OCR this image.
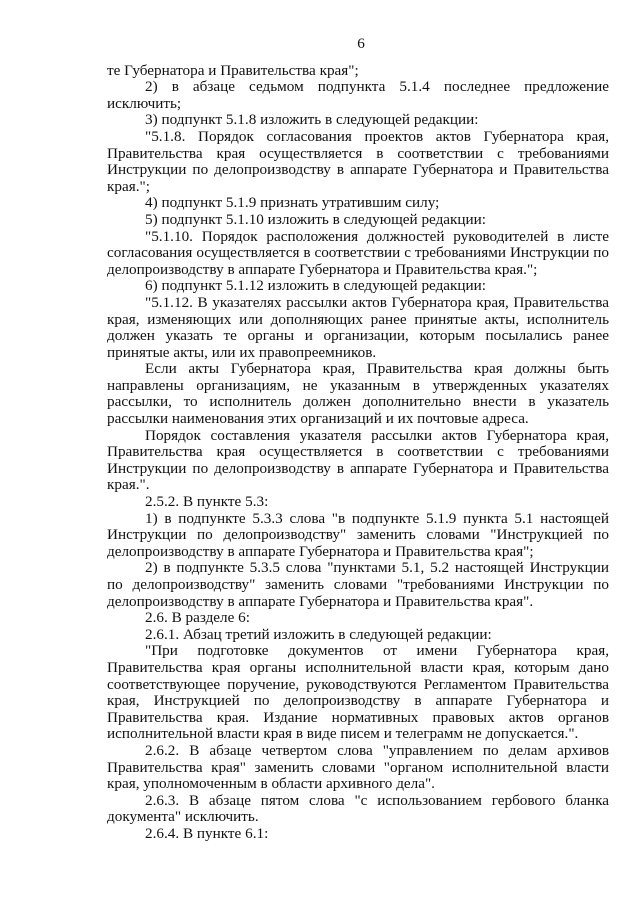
6

те Губернатора и Правительства края";

2) в абзаце седьмом подпункта 5.1.4 последнее предложение исключить;

3) подпункт 5.1.8 изложить в следующей редакции:

"5.1.8. Порядок согласования проектов актов Губернатора края, Правительства края осуществляется в соответствии с требованиями Инструкции по делопроизводству в аппарате Губернатора и Правительства края.";

4) подпункт 5.1.9 признать утратившим силу;

5) подпункт 5.1.10 изложить в следующей редакции:

"5.1.10. Порядок расположения должностей руководителей в листе согласования осуществляется в соответствии с требованиями Инструкции по делопроизводству в аппарате Губернатора и Правительства края.";

6) подпункт 5.1.12 изложить в следующей редакции:

"5.1.12. В указателях рассылки актов Губернатора края, Правительства края, изменяющих или дополняющих ранее принятые акты, исполнитель должен указать те органы и организации, которым посылались ранее принятые акты, или их правопреемников.

Если акты Губернатора края, Правительства края должны быть направлены организациям, не указанным в утвержденных указателях рассылки, то исполнитель должен дополнительно внести в указатель рассылки наименования этих организаций и их почтовые адреса.

Порядок составления указателя рассылки актов Губернатора края, Правительства края осуществляется в соответствии с требованиями Инструкции по делопроизводству в аппарате Губернатора и Правительства края.".

2.5.2. В пункте 5.3:

1) в подпункте 5.3.3 слова "в подпункте 5.1.9 пункта 5.1 настоящей Инструкции по делопроизводству" заменить словами "Инструкцией по делопроизводству в аппарате Губернатора и Правительства края";

2) в подпункте 5.3.5 слова "пунктами 5.1, 5.2 настоящей Инструкции по делопроизводству" заменить словами "требованиями Инструкции по делопроизводству в аппарате Губернатора и Правительства края".

2.6. В разделе 6:

2.6.1. Абзац третий изложить в следующей редакции:

"При подготовке документов от имени Губернатора края, Правительства края органы исполнительной власти края, которым дано соответствующее поручение, руководствуются Регламентом Правительства края, Инструкцией по делопроизводству в аппарате Губернатора и Правительства края. Издание нормативных правовых актов органов исполнительной власти края в виде писем и телеграмм не допускается.".

2.6.2. В абзаце четвертом слова "управлением по делам архивов Правительства края" заменить словами "органом исполнительной власти края, уполномоченным в области архивного дела".

2.6.3. В абзаце пятом слова "с использованием гербового бланка документа" исключить.

2.6.4. В пункте 6.1:
